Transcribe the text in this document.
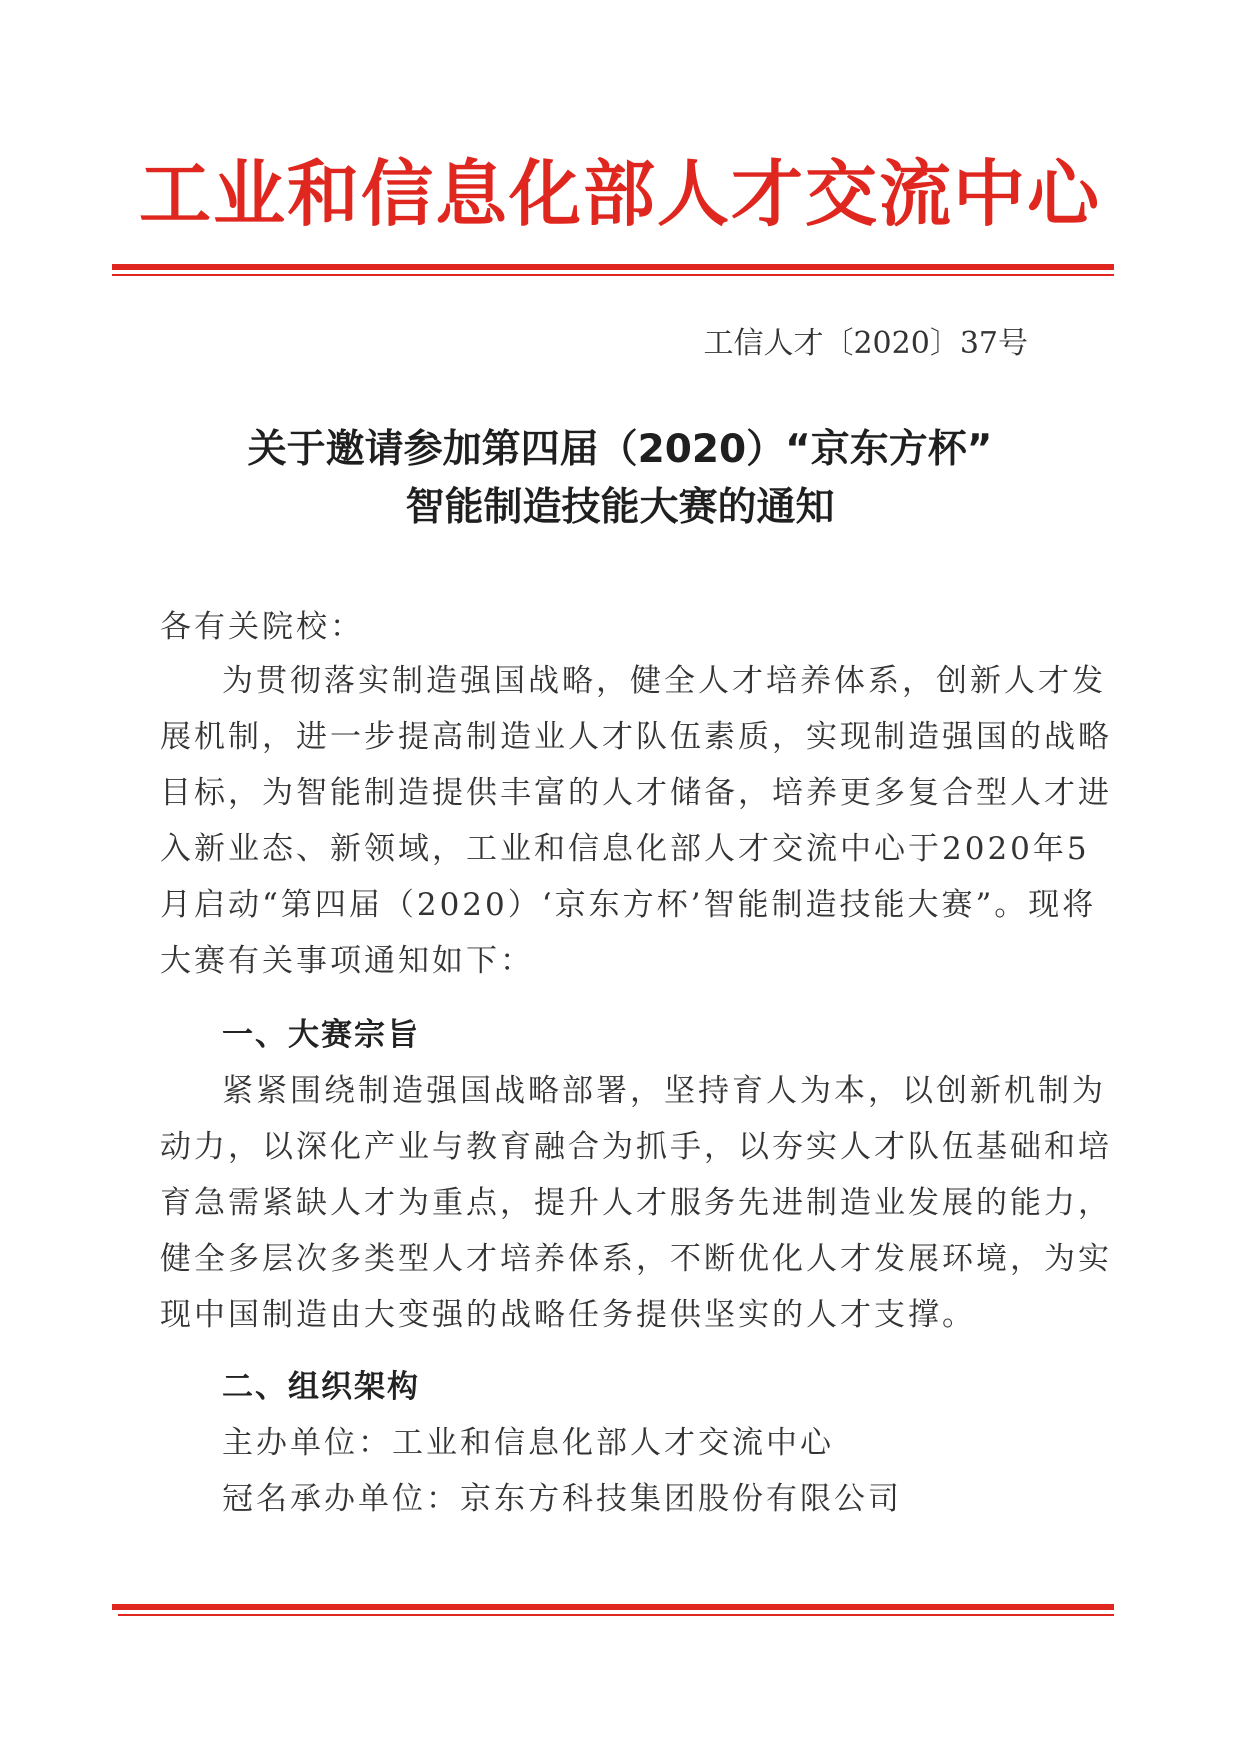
工业和信息化部人才交流中心
工信人才〔2020〕37号
关于邀请参加第四届（2020）“京东方杯”
智能制造技能大赛的通知
各有关院校：
为贯彻落实制造强国战略，健全人才培养体系，创新人才发
展机制，进一步提高制造业人才队伍素质，实现制造强国的战略
目标，为智能制造提供丰富的人才储备，培养更多复合型人才进
入新业态、新领域，工业和信息化部人才交流中心于2020年5
月启动“第四届（2020）‘京东方杯’智能制造技能大赛”。现将
大赛有关事项通知如下：
一、大赛宗旨
紧紧围绕制造强国战略部署，坚持育人为本，以创新机制为
动力，以深化产业与教育融合为抓手，以夯实人才队伍基础和培
育急需紧缺人才为重点，提升人才服务先进制造业发展的能力，
健全多层次多类型人才培养体系，不断优化人才发展环境，为实
现中国制造由大变强的战略任务提供坚实的人才支撑。
二、组织架构
主办单位：工业和信息化部人才交流中心
冠名承办单位：京东方科技集团股份有限公司
